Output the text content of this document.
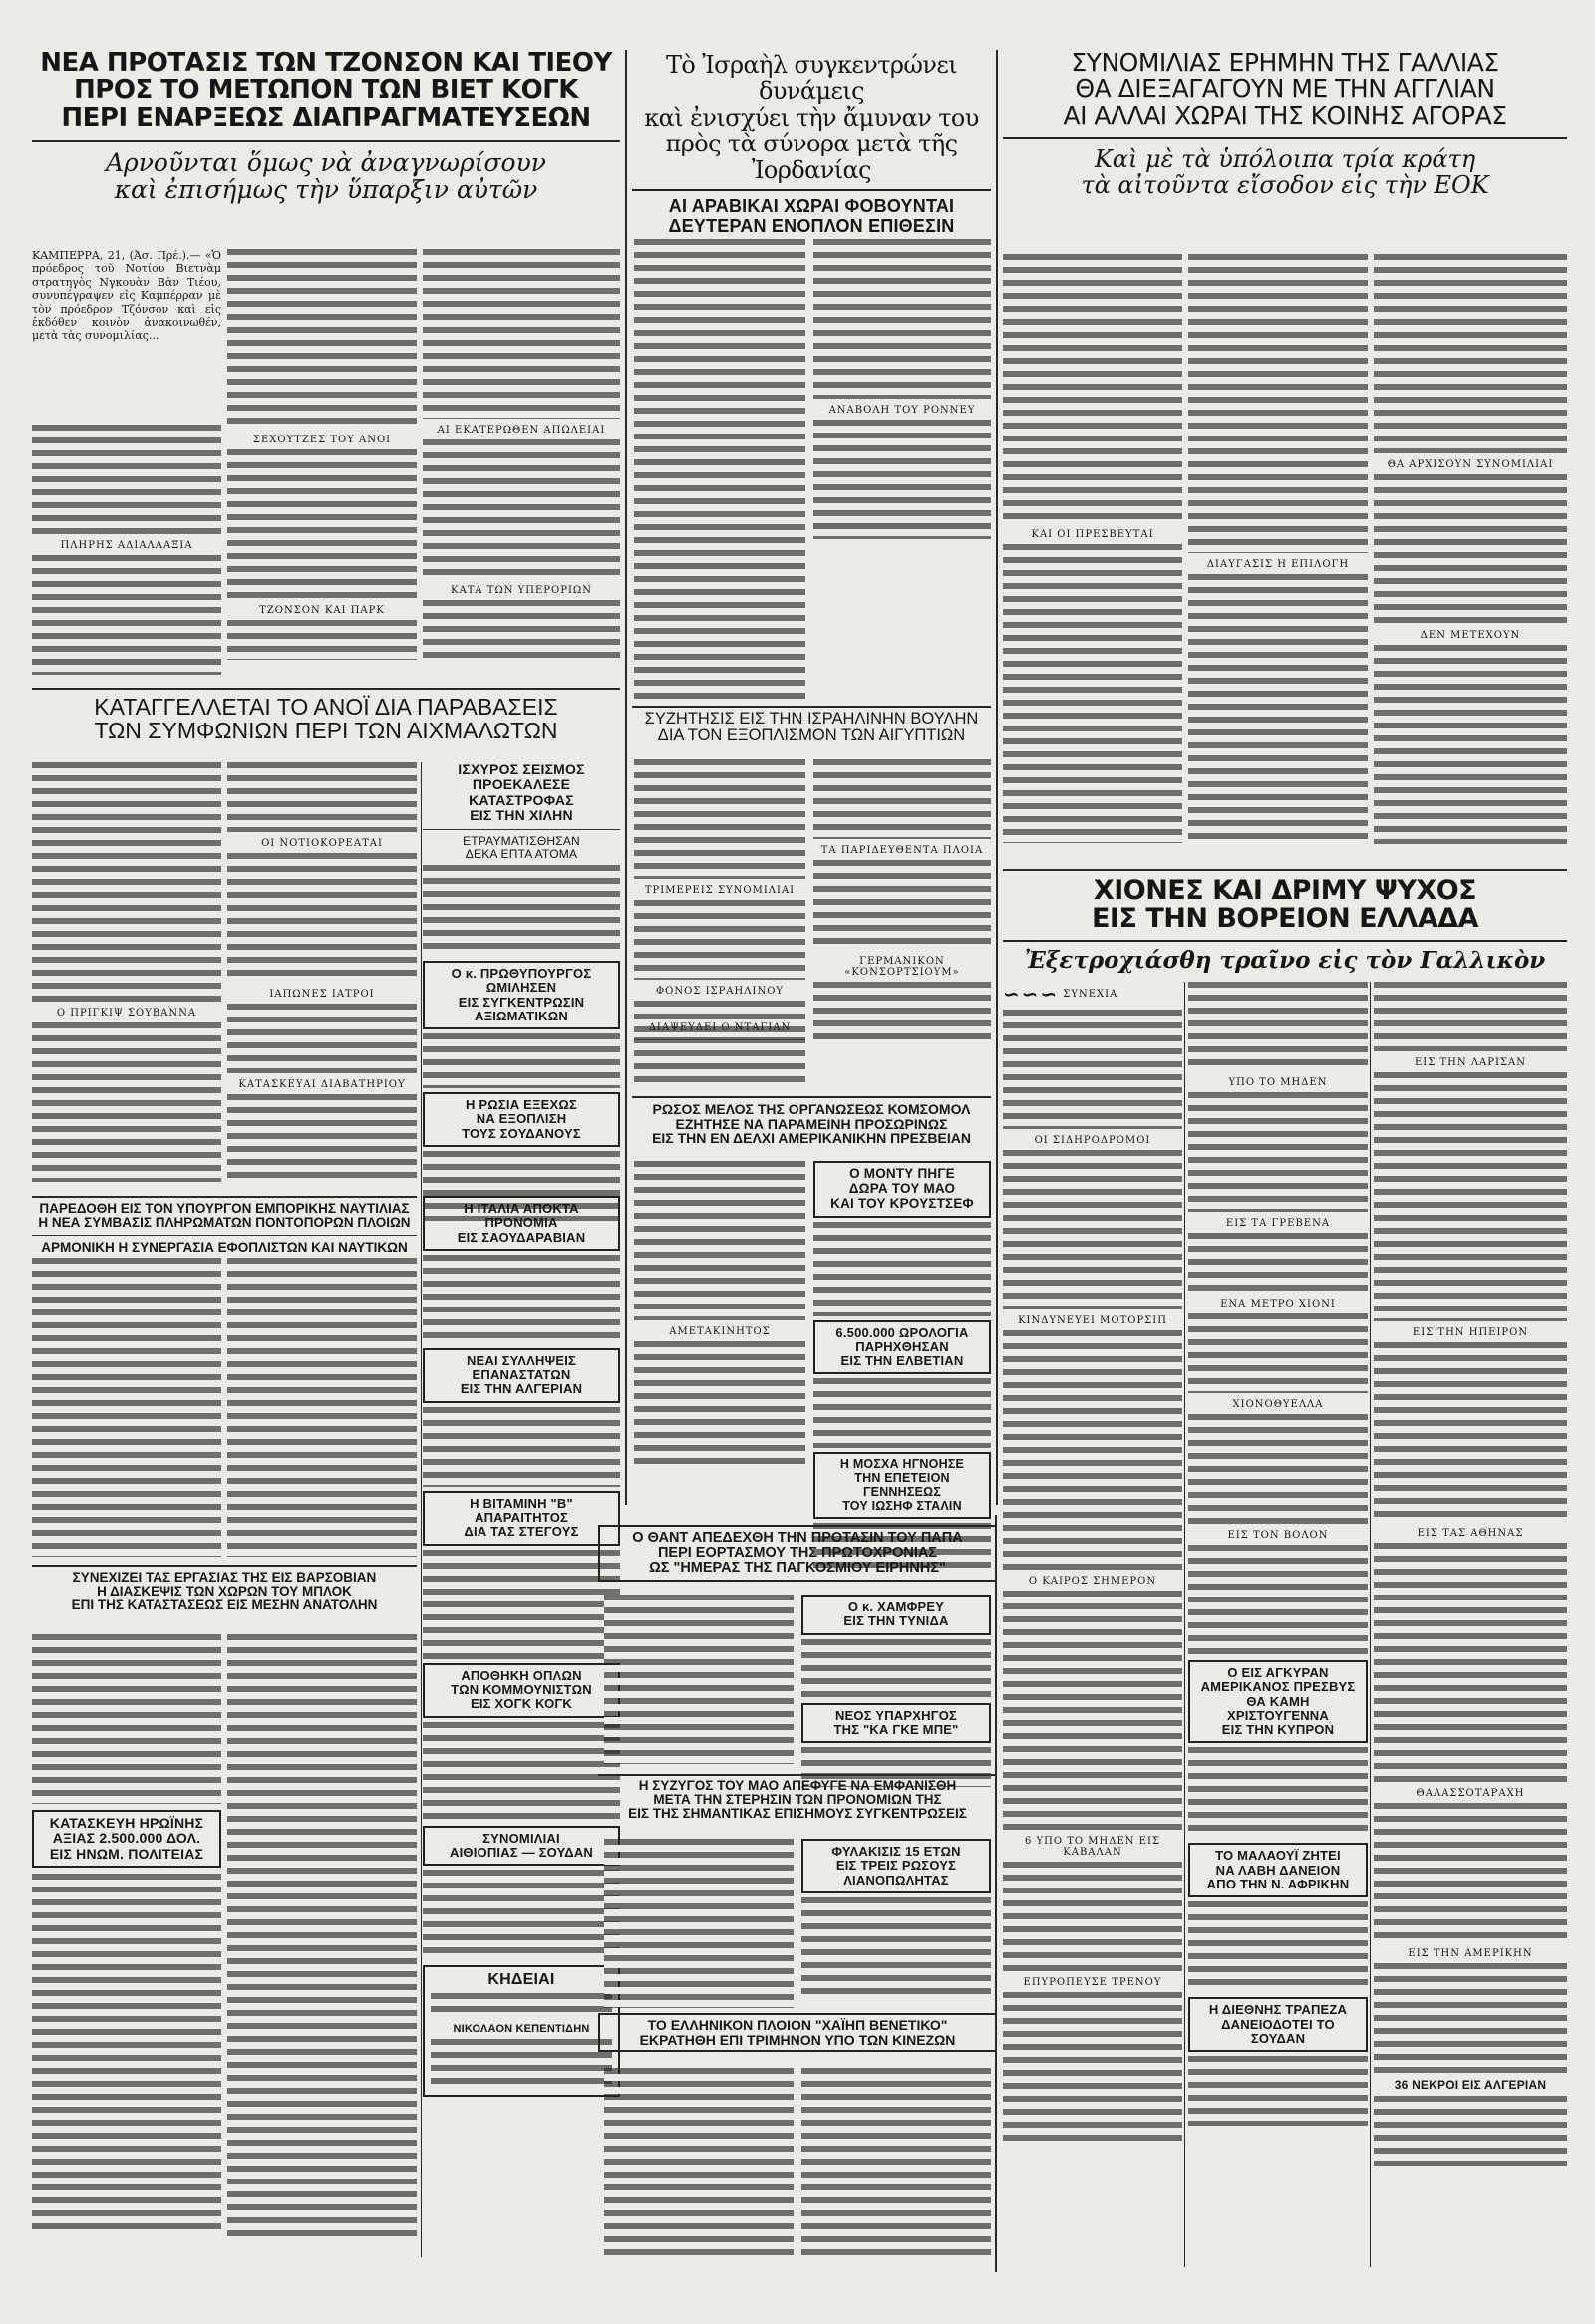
ΝΕΑ ΠΡΟΤΑΣΙΣ ΤΩΝ ΤΖΟΝΣΟΝ ΚΑΙ ΤΙΕΟΥ
ΠΡΟΣ ΤΟ ΜΕΤΩΠΟΝ ΤΩΝ ΒΙΕΤ ΚΟΓΚ
ΠΕΡΙ ΕΝΑΡΞΕΩΣ ΔΙΑΠΡΑΓΜΑΤΕΥΣΕΩΝ
Αρνοῦνται ὅμως νὰ ἀναγνωρίσουν
καὶ ἐπισήμως τὴν ὕπαρξιν αὐτῶν
ΚΑΜΠΕΡΡΑ, 21, (Ἀσ. Πρέ.).— «Ὁ πρόεδρος τοῦ Νοτίου Βιετνὰμ στρατηγὸς Νγκουὰν Βὰν Τιέου, συνυπέγραψεν εἰς Καμπέρραν μὲ τὸν πρόεδρον Τζόνσον καὶ εἰς ἐκδόθεν κοινὸν ἀνακοινωθέν, μετὰ τὰς συνομιλίας...
ΠΛΗΡΗΣ ΑΔΙΑΛΛΑΞΙΑ
ΣΕΧΟΥΤΖΕΣ ΤΟΥ ΑΝΟΙ
ΤΖΟΝΣΟΝ ΚΑΙ ΠΑΡΚ
ΑΙ ΕΚΑΤΕΡΩΘΕΝ ΑΠΩΛΕΙΑΙ
ΚΑΤΑ ΤΩΝ ΥΠΕΡΟΡΙΩΝ
Τὸ Ἰσραὴλ συγκεντρώνει δυνάμεις
καὶ ἐνισχύει τὴν ἄμυναν του
πρὸς τὰ σύνορα μετὰ τῆς Ἰορδανίας
ΑΙ ΑΡΑΒΙΚΑΙ ΧΩΡΑΙ ΦΟΒΟΥΝΤΑΙ
ΔΕΥΤΕΡΑΝ ΕΝΟΠΛΟΝ ΕΠΙΘΕΣΙΝ
ΑΝΑΒΟΛΗ ΤΟΥ ΡΟΝΝΕΥ
ΣΥΝΟΜΙΛΙΑΣ ΕΡΗΜΗΝ ΤΗΣ ΓΑΛΛΙΑΣ
ΘΑ ΔΙΕΞΑΓΑΓΟΥΝ ΜΕ ΤΗΝ ΑΓΓΛΙΑΝ
ΑΙ ΑΛΛΑΙ ΧΩΡΑΙ ΤΗΣ ΚΟΙΝΗΣ ΑΓΟΡΑΣ
Καὶ μὲ τὰ ὑπόλοιπα τρία κράτη
τὰ αἰτοῦντα εἴσοδον εἰς τὴν ΕΟΚ
ΚΑΙ ΟΙ ΠΡΕΣΒΕΥΤΑΙ
ΔΙΑΥΓΑΣΙΣ Η ΕΠΙΛΟΓΗ
ΘΑ ΑΡΧΙΣΟΥΝ ΣΥΝΟΜΙΛΙΑΙ
ΔΕΝ ΜΕΤΕΧΟΥΝ
ΚΑΤΑΓΓΕΛΛΕΤΑΙ ΤΟ ΑΝΟΪ ΔΙΑ ΠΑΡΑΒΑΣΕΙΣ
ΤΩΝ ΣΥΜΦΩΝΙΩΝ ΠΕΡΙ ΤΩΝ ΑΙΧΜΑΛΩΤΩΝ
Ο ΠΡΙΓΚΙΨ ΣΟΥΒΑΝΝΑ
ΟΙ ΝΟΤΙΟΚΟΡΕΑΤΑΙ
ΙΑΠΩΝΕΣ ΙΑΤΡΟΙ
ΚΑΤΑΣΚΕΥΑΙ ΔΙΑΒΑΤΗΡΙΟΥ
ΙΣΧΥΡΟΣ ΣΕΙΣΜΟΣ
ΠΡΟΕΚΑΛΕΣΕ
ΚΑΤΑΣΤΡΟΦΑΣ
ΕΙΣ ΤΗΝ ΧΙΛΗΝ
ΕΤΡΑΥΜΑΤΙΣΘΗΣΑΝ
ΔΕΚΑ ΕΠΤΑ ΑΤΟΜΑ
Ο κ. ΠΡΩΘΥΠΟΥΡΓΟΣ
ΩΜΙΛΗΣΕΝ
ΕΙΣ ΣΥΓΚΕΝΤΡΩΣΙΝ
ΑΞΙΩΜΑΤΙΚΩΝ
Η ΡΩΣΙΑ ΕΞΕΧΩΣ
ΝΑ ΕΞΟΠΛΙΣΗ
ΤΟΥΣ ΣΟΥΔΑΝΟΥΣ
ΠΑΡΕΔΟΘΗ ΕΙΣ ΤΟΝ ΥΠΟΥΡΓΟΝ ΕΜΠΟΡΙΚΗΣ ΝΑΥΤΙΛΙΑΣ
Η ΝΕΑ ΣΥΜΒΑΣΙΣ ΠΛΗΡΩΜΑΤΩΝ ΠΟΝΤΟΠΟΡΩΝ ΠΛΟΙΩΝ
ΑΡΜΟΝΙΚΗ Η ΣΥΝΕΡΓΑΣΙΑ ΕΦΟΠΛΙΣΤΩΝ ΚΑΙ ΝΑΥΤΙΚΩΝ
Η ΙΤΑΛΙΑ ΑΠΟΚΤΑ
ΠΡΟΝΟΜΙΑ
ΕΙΣ ΣΑΟΥΔΑΡΑΒΙΑΝ
ΝΕΑΙ ΣΥΛΛΗΨΕΙΣ
ΕΠΑΝΑΣΤΑΤΩΝ
ΕΙΣ ΤΗΝ ΑΛΓΕΡΙΑΝ
Η ΒΙΤΑΜΙΝΗ "Β"
ΑΠΑΡΑΙΤΗΤΟΣ
ΔΙΑ ΤΑΣ ΣΤΕΓΟΥΣ
ΑΠΟΘΗΚΗ ΟΠΛΩΝ
ΤΩΝ ΚΟΜΜΟΥΝΙΣΤΩΝ
ΕΙΣ ΧΟΓΚ ΚΟΓΚ
ΣΥΝΟΜΙΛΙΑΙ
ΑΙΘΙΟΠΙΑΣ — ΣΟΥΔΑΝ
ΚΗΔΕΙΑΙ
ΝΙΚΟΛΑΟΝ ΚΕΠΕΝΤΙΔΗΝ
ΣΥΝΕΧΙΖΕΙ ΤΑΣ ΕΡΓΑΣΙΑΣ ΤΗΣ ΕΙΣ ΒΑΡΣΟΒΙΑΝ
Η ΔΙΑΣΚΕΨΙΣ ΤΩΝ ΧΩΡΩΝ ΤΟΥ ΜΠΛΟΚ
ΕΠΙ ΤΗΣ ΚΑΤΑΣΤΑΣΕΩΣ ΕΙΣ ΜΕΣΗΝ ΑΝΑΤΟΛΗΝ
ΚΑΤΑΣΚΕΥΗ ΗΡΩΪΝΗΣ
ΑΞΙΑΣ 2.500.000 ΔΟΛ.
ΕΙΣ ΗΝΩΜ. ΠΟΛΙΤΕΙΑΣ
ΣΥΖΗΤΗΣΙΣ ΕΙΣ ΤΗΝ ΙΣΡΑΗΛΙΝΗΝ ΒΟΥΛΗΝ
ΔΙΑ ΤΟΝ ΕΞΟΠΛΙΣΜΟΝ ΤΩΝ ΑΙΓΥΠΤΙΩΝ
ΤΡΙΜΕΡΕΙΣ ΣΥΝΟΜΙΛΙΑΙ
ΦΟΝΟΣ ΙΣΡΑΗΛΙΝΟΥ
ΤΑ ΠΑΡΙΔΕΥΘΕΝΤΑ ΠΛΟΙΑ
ΓΕΡΜΑΝΙΚΟΝ «ΚΟΝΣΟΡΤΣΙΟΥΜ»
ΔΙΑΨΕΥΔΕΙ Ο ΝΤΑΓΙΑΝ
ΡΩΣΟΣ ΜΕΛΟΣ ΤΗΣ ΟΡΓΑΝΩΣΕΩΣ ΚΟΜΣΟΜΟΛ
ΕΖΗΤΗΣΕ ΝΑ ΠΑΡΑΜΕΙΝΗ ΠΡΟΣΩΡΙΝΩΣ
ΕΙΣ ΤΗΝ ΕΝ ΔΕΛΧΙ ΑΜΕΡΙΚΑΝΙΚΗΝ ΠΡΕΣΒΕΙΑΝ
ΑΜΕΤΑΚΙΝΗΤΟΣ
Ο ΜΟΝΤΥ ΠΗΓΕ
ΔΩΡΑ ΤΟΥ ΜΑΟ
ΚΑΙ ΤΟΥ ΚΡΟΥΣΤΣΕΦ
6.500.000 ΩΡΟΛΟΓΙΑ
ΠΑΡΗΧΘΗΣΑΝ
ΕΙΣ ΤΗΝ ΕΛΒΕΤΙΑΝ
Η ΜΟΣΧΑ ΗΓΝΟΗΣΕ
ΤΗΝ ΕΠΕΤΕΙΟΝ ΓΕΝΝΗΣΕΩΣ
ΤΟΥ ΙΩΣΗΦ ΣΤΑΛΙΝ
Ο ΘΑΝΤ ΑΠΕΔΕΧΘΗ ΤΗΝ ΠΡΟΤΑΣΙΝ ΤΟΥ ΠΑΠΑ
ΠΕΡΙ ΕΟΡΤΑΣΜΟΥ ΤΗΣ ΠΡΩΤΟΧΡΟΝΙΑΣ
ΩΣ "ΗΜΕΡΑΣ ΤΗΣ ΠΑΓΚΟΣΜΙΟΥ ΕΙΡΗΝΗΣ"
Ο κ. ΧΑΜΦΡΕΥ
ΕΙΣ ΤΗΝ ΤΥΝΙΔΑ
ΝΕΟΣ ΥΠΑΡΧΗΓΟΣ
ΤΗΣ "ΚΑ ΓΚΕ ΜΠΕ"
Η ΣΥΖΥΓΟΣ ΤΟΥ ΜΑΟ ΑΠΕΦΥΓΕ ΝΑ ΕΜΦΑΝΙΣΘΗ
ΜΕΤΑ ΤΗΝ ΣΤΕΡΗΣΙΝ ΤΩΝ ΠΡΟΝΟΜΙΩΝ ΤΗΣ
ΕΙΣ ΤΗΣ ΣΗΜΑΝΤΙΚΑΣ ΕΠΙΣΗΜΟΥΣ ΣΥΓΚΕΝΤΡΩΣΕΙΣ
ΦΥΛΑΚΙΣΙΣ 15 ΕΤΩΝ
ΕΙΣ ΤΡΕΙΣ ΡΩΣΟΥΣ
ΛΙΑΝΟΠΩΛΗΤΑΣ
ΤΟ ΕΛΛΗΝΙΚΟΝ ΠΛΟΙΟΝ "ΧΑΪΗΠ ΒΕΝΕΤΙΚΟ"
ΕΚΡΑΤΗΘΗ ΕΠΙ ΤΡΙΜΗΝΟΝ ΥΠΟ ΤΩΝ ΚΙΝΕΖΩΝ
ΧΙΟΝΕΣ ΚΑΙ ΔΡΙΜΥ ΨΥΧΟΣ
ΕΙΣ ΤΗΝ ΒΟΡΕΙΟΝ ΕΛΛΑΔΑ
Ἐξετροχιάσθη τραῖνο εἰς τὸν Γαλλικὸν
∽∽∽ ΣΥΝΕΧΙΑ
ΟΙ ΣΙΔΗΡΟΔΡΟΜΟΙ
ΚΙΝΔΥΝΕΥΕΙ ΜΟΤΟΡΣΙΠ
Ο ΚΑΙΡΟΣ ΣΗΜΕΡΟΝ
6 ΥΠΟ ΤΟ ΜΗΔΕΝ ΕΙΣ ΚΑΒΑΛΑΝ
ΕΠΥΡΟΠΕΥΣΕ ΤΡΕΝΟΥ
ΥΠΟ ΤΟ ΜΗΔΕΝ
ΕΙΣ ΤΑ ΓΡΕΒΕΝΑ
ΕΝΑ ΜΕΤΡΟ ΧΙΟΝΙ
ΧΙΟΝΟΘΥΕΛΛΑ
ΕΙΣ ΤΟΝ ΒΟΛΟΝ
Ο ΕΙΣ ΑΓΚΥΡΑΝ
ΑΜΕΡΙΚΑΝΟΣ ΠΡΕΣΒΥΣ
ΘΑ ΚΑΜΗ ΧΡΙΣΤΟΥΓΕΝΝΑ
ΕΙΣ ΤΗΝ ΚΥΠΡΟΝ
ΤΟ ΜΑΛΑΟΥΪ ΖΗΤΕΙ
ΝΑ ΛΑΒΗ ΔΑΝΕΙΟΝ
ΑΠΟ ΤΗΝ Ν. ΑΦΡΙΚΗΝ
Η ΔΙΕΘΝΗΣ ΤΡΑΠΕΖΑ
ΔΑΝΕΙΟΔΟΤΕΙ ΤΟ ΣΟΥΔΑΝ
ΕΙΣ ΤΗΝ ΛΑΡΙΣΑΝ
ΕΙΣ ΤΗΝ ΗΠΕΙΡΟΝ
ΕΙΣ ΤΑΣ ΑΘΗΝΑΣ
ΘΑΛΑΣΣΟΤΑΡΑΧΗ
ΕΙΣ ΤΗΝ ΑΜΕΡΙΚΗΝ
36 ΝΕΚΡΟΙ ΕΙΣ ΑΛΓΕΡΙΑΝ
